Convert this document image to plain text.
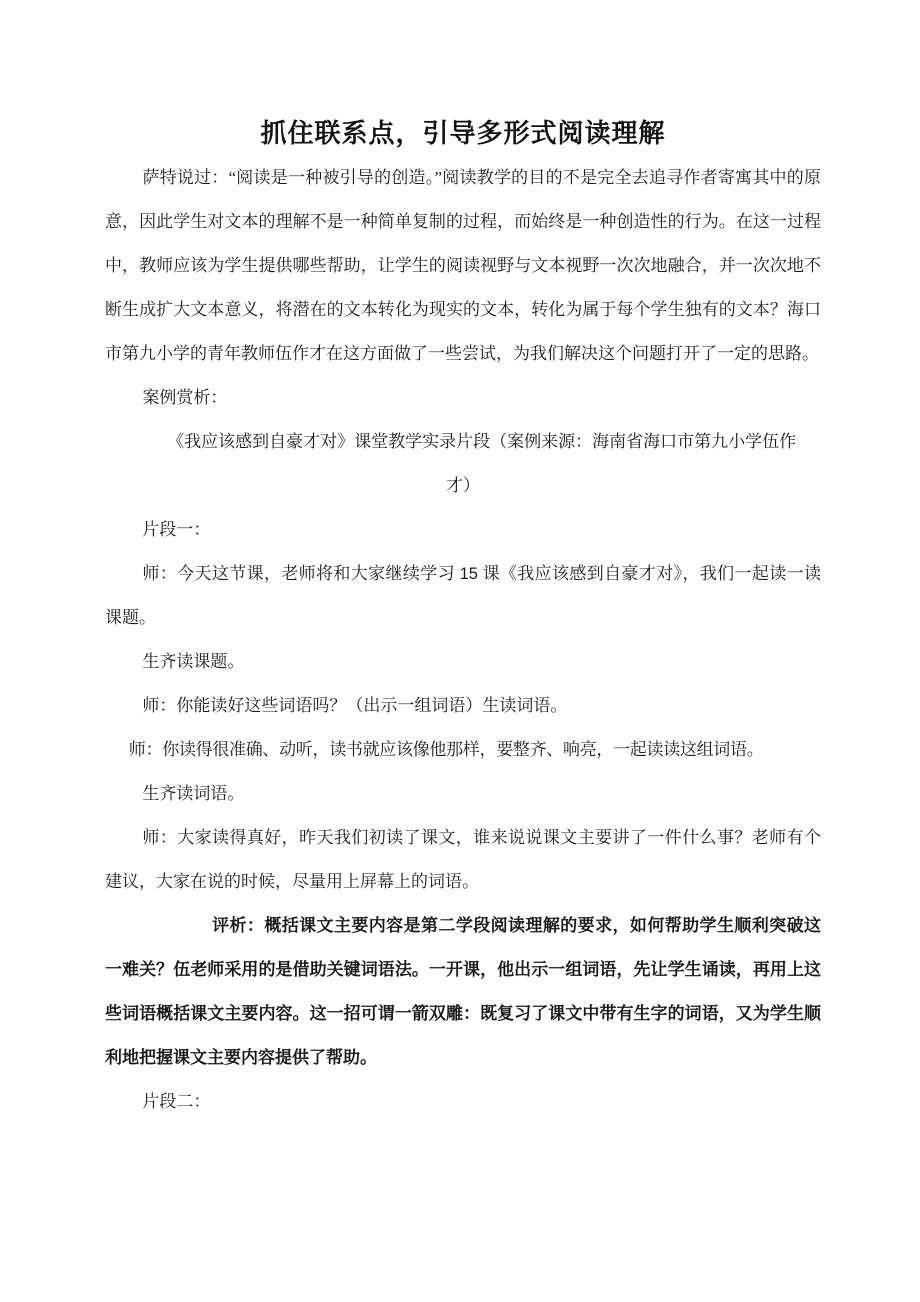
抓住联系点，引导多形式阅读理解

萨特说过：“阅读是一种被引导的创造。”阅读教学的目的不是完全去追寻作者寄寓其中的原意，因此学生对文本的理解不是一种简单复制的过程，而始终是一种创造性的行为。在这一过程中，教师应该为学生提供哪些帮助，让学生的阅读视野与文本视野一次次地融合，并一次次地不断生成扩大文本意义，将潜在的文本转化为现实的文本，转化为属于每个学生独有的文本？海口市第九小学的青年教师伍作才在这方面做了一些尝试，为我们解决这个问题打开了一定的思路。

案例赏析：

《我应该感到自豪才对》课堂教学实录片段（案例来源：海南省海口市第九小学伍作才）

片段一：

师：今天这节课，老师将和大家继续学习 15 课《我应该感到自豪才对》，我们一起读一读课题。

生齐读课题。

师：你能读好这些词语吗？（出示一组词语）生读词语。

师：你读得很准确、动听，读书就应该像他那样，要整齐、响亮，一起读读这组词语。

生齐读词语。

师：大家读得真好，昨天我们初读了课文，谁来说说课文主要讲了一件什么事？老师有个建议，大家在说的时候，尽量用上屏幕上的词语。

评析：概括课文主要内容是第二学段阅读理解的要求，如何帮助学生顺利突破这一难关？伍老师采用的是借助关键词语法。一开课，他出示一组词语，先让学生诵读，再用上这些词语概括课文主要内容。这一招可谓一箭双雕：既复习了课文中带有生字的词语，又为学生顺利地把握课文主要内容提供了帮助。

片段二：
